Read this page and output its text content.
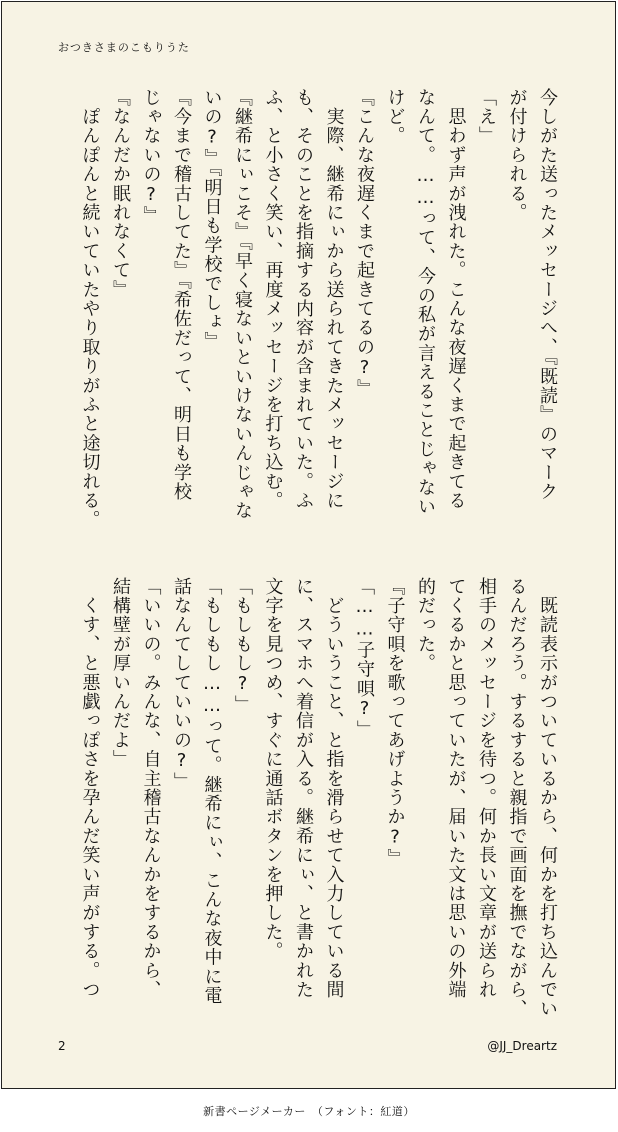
おつきさまのこもりうた
今しがた送ったメッセージへ、『既読』のマーク
が付けられる。
「え」
　思わず声が洩れた。こんな夜遅くまで起きてる
なんて。……って、今の私が言えることじゃない
けど。
『こんな夜遅くまで起きてるの?』
　実際、継希にぃから送られてきたメッセージに
も、そのことを指摘する内容が含まれていた。ふ
ふ、と小さく笑い、再度メッセージを打ち込む。
『継希にぃこそ』『早く寝ないといけないんじゃな
いの?』『明日も学校でしょ』
『今まで稽古してた』『希佐だって、明日も学校
じゃないの?』
『なんだか眠れなくて』
　ぽんぽんと続いていたやり取りがふと途切れる。
　既読表示がついているから、何かを打ち込んでい
るんだろう。するすると親指で画面を撫でながら、
相手のメッセージを待つ。何か長い文章が送られ
てくるかと思っていたが、届いた文は思いの外端
的だった。
『子守唄を歌ってあげようか?』
「……子守唄?」
　どういうこと、と指を滑らせて入力している間
に、スマホへ着信が入る。継希にぃ、と書かれた
文字を見つめ、すぐに通話ボタンを押した。
「もしもし?」
「もしもし……って。継希にぃ、こんな夜中に電
話なんてしていいの?」
「いいの。みんな、自主稽古なんかをするから、
結構壁が厚いんだよ」
　くす、と悪戯っぽさを孕んだ笑い声がする。つ
2	@JJ_Dreartz
新書ページメーカー　（フォント：紅道）
